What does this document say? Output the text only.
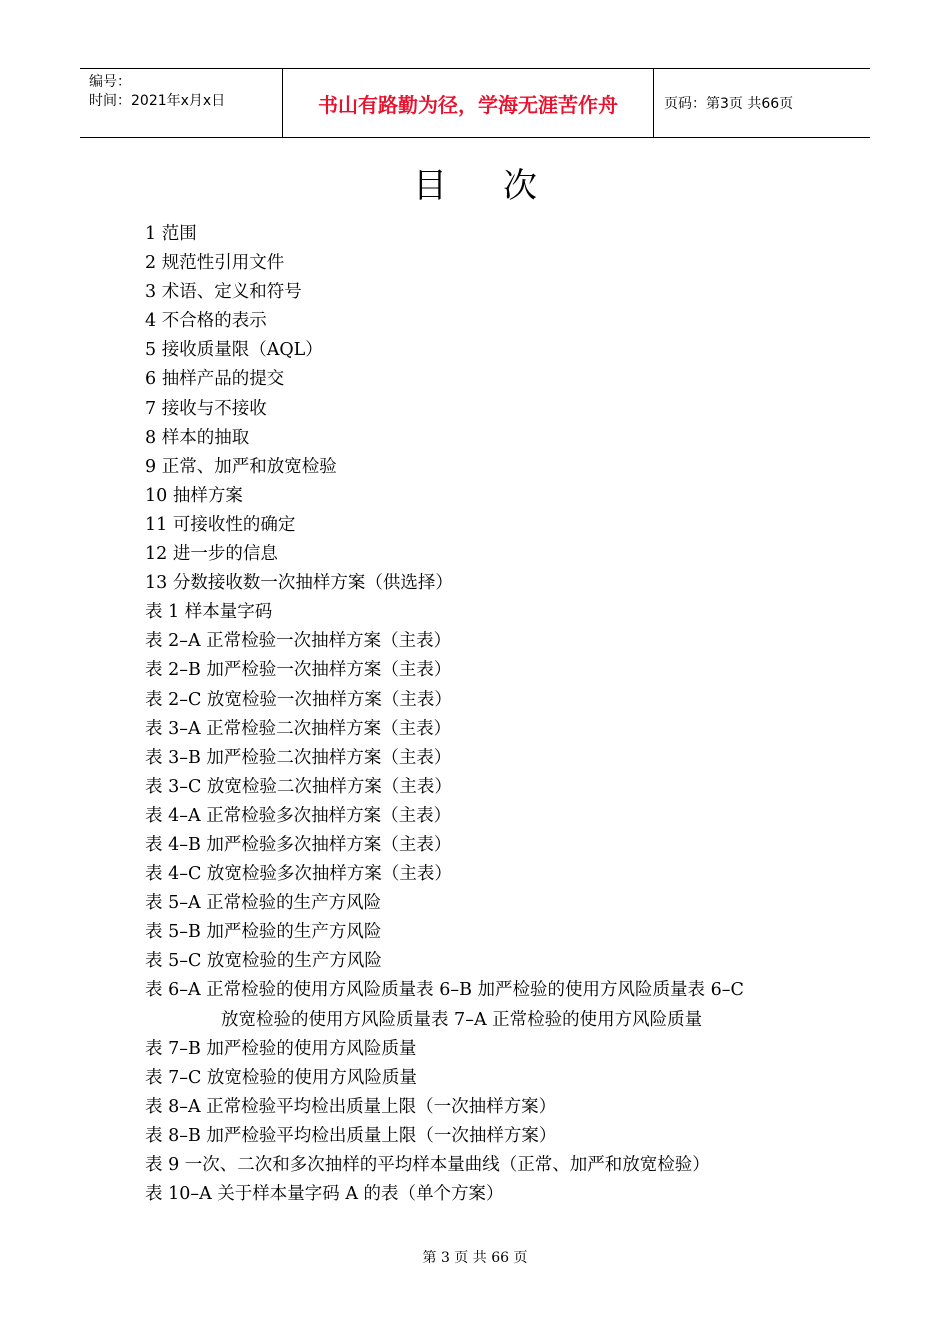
编号：
时间：2021年x月x日	书山有路勤为径，学海无涯苦作舟	页码：第3页 共66页
目次
1 范围
2 规范性引用文件
3 术语、定义和符号
4 不合格的表示
5 接收质量限（AQL）
6 抽样产品的提交
7 接收与不接收
8 样本的抽取
9 正常、加严和放宽检验
10 抽样方案
11 可接收性的确定
12 进一步的信息
13 分数接收数一次抽样方案（供选择）
表 1 样本量字码
表 2–A 正常检验一次抽样方案（主表）
表 2–B 加严检验一次抽样方案（主表）
表 2–C 放宽检验一次抽样方案（主表）
表 3–A 正常检验二次抽样方案（主表）
表 3–B 加严检验二次抽样方案（主表）
表 3–C 放宽检验二次抽样方案（主表）
表 4–A 正常检验多次抽样方案（主表）
表 4–B 加严检验多次抽样方案（主表）
表 4–C 放宽检验多次抽样方案（主表）
表 5–A 正常检验的生产方风险
表 5–B 加严检验的生产方风险
表 5–C 放宽检验的生产方风险
表 6–A 正常检验的使用方风险质量表 6–B 加严检验的使用方风险质量表 6–C
放宽检验的使用方风险质量表 7–A 正常检验的使用方风险质量
表 7–B 加严检验的使用方风险质量
表 7–C 放宽检验的使用方风险质量
表 8–A 正常检验平均检出质量上限（一次抽样方案）
表 8–B 加严检验平均检出质量上限（一次抽样方案）
表 9 一次、二次和多次抽样的平均样本量曲线（正常、加严和放宽检验）
表 10–A 关于样本量字码 A 的表（单个方案）
第 3 页 共 66 页
